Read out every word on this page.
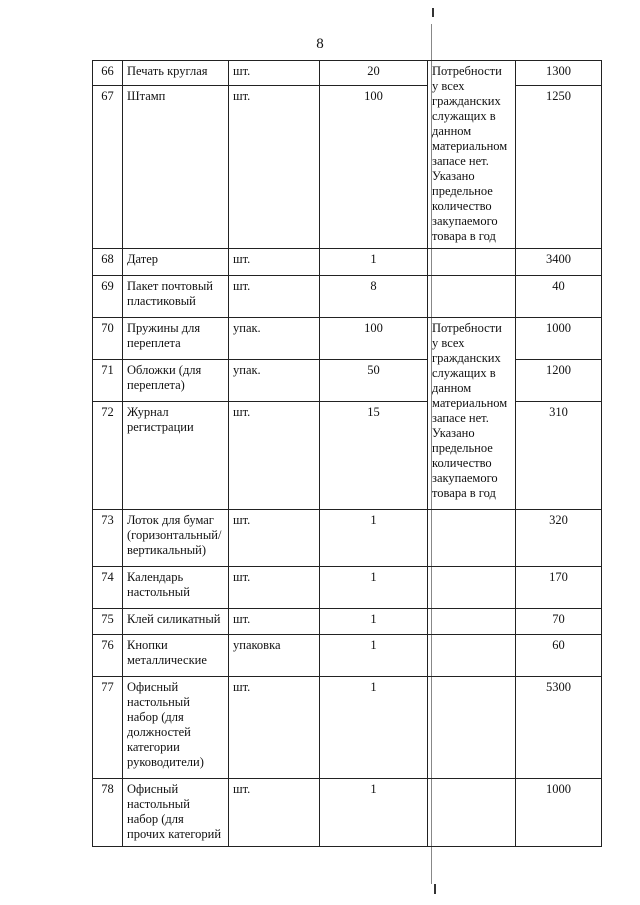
8
66	Печать круглая	шт.	20	Потребности у всех гражданских служащих в данном материальном запасе нет. Указано предельное количество закупаемого товара в год	1300
67	Штамп	шт.	100		1250
68	Датер	шт.	1		3400
69	Пакет почтовый пластиковый	шт.	8		40
70	Пружины для переплета	упак.	100	Потребности у всех гражданских служащих в данном материальном запасе нет. Указано предельное количество закупаемого товара в год	1000
71	Обложки (для переплета)	упак.	50		1200
72	Журнал регистрации	шт.	15		310
73	Лоток для бумаг (горизонтальный/ вертикальный)	шт.	1		320
74	Календарь настольный	шт.	1		170
75	Клей силикатный	шт.	1		70
76	Кнопки металлические	упаковка	1		60
77	Офисный настольный набор (для должностей категории руководители)	шт.	1		5300
78	Офисный настольный набор (для прочих категорий	шт.	1		1000
